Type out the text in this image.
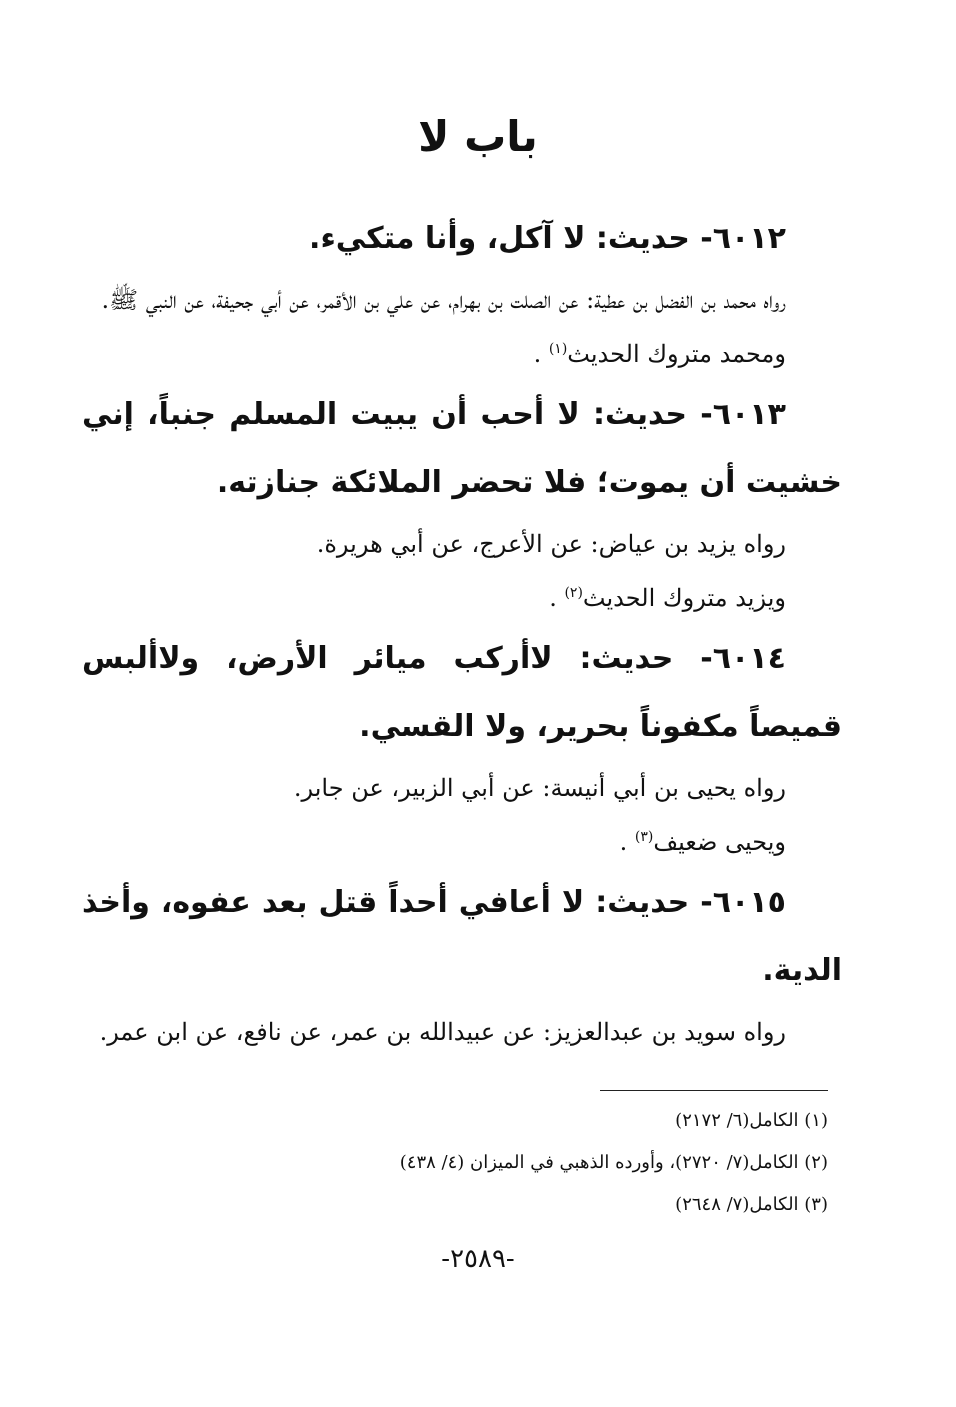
باب لا

٦٠١٢- حديث: لا آكل، وأنا متكيء.

رواه محمد بن الفضل بن عطية: عن الصلت بن بهرام، عن علي بن الأقمر، عن أبي جحيفة، عن النبي ﷺ.

ومحمد متروك الحديث$^{(١)}$ .

٦٠١٣- حديث: لا أحب أن يبيت المسلم جنباً، إني خشيت أن يموت؛ فلا تحضر الملائكة جنازته.

رواه يزيد بن عياض: عن الأعرج، عن أبي هريرة.

ويزيد متروك الحديث$^{(٢)}$ .

٦٠١٤- حديث: لاأركب ميائر الأرض، ولاألبس قميصاً مكفوناً بحرير، ولا القسي.

رواه يحيى بن أبي أنيسة: عن أبي الزبير، عن جابر.

ويحيى ضعيف$^{(٣)}$ .

٦٠١٥- حديث: لا أعافي أحداً قتل بعد عفوه، وأخذ الدية.

رواه سويد بن عبدالعزيز: عن عبيدالله بن عمر، عن نافع، عن ابن عمر.

(١) الكامل(٦/ ٢١٧٢)

(٢) الكامل(٧/ ٢٧٢٠)، وأورده الذهبي في الميزان (٤/ ٤٣٨)

(٣) الكامل(٧/ ٢٦٤٨)

-٢٥٨٩-
